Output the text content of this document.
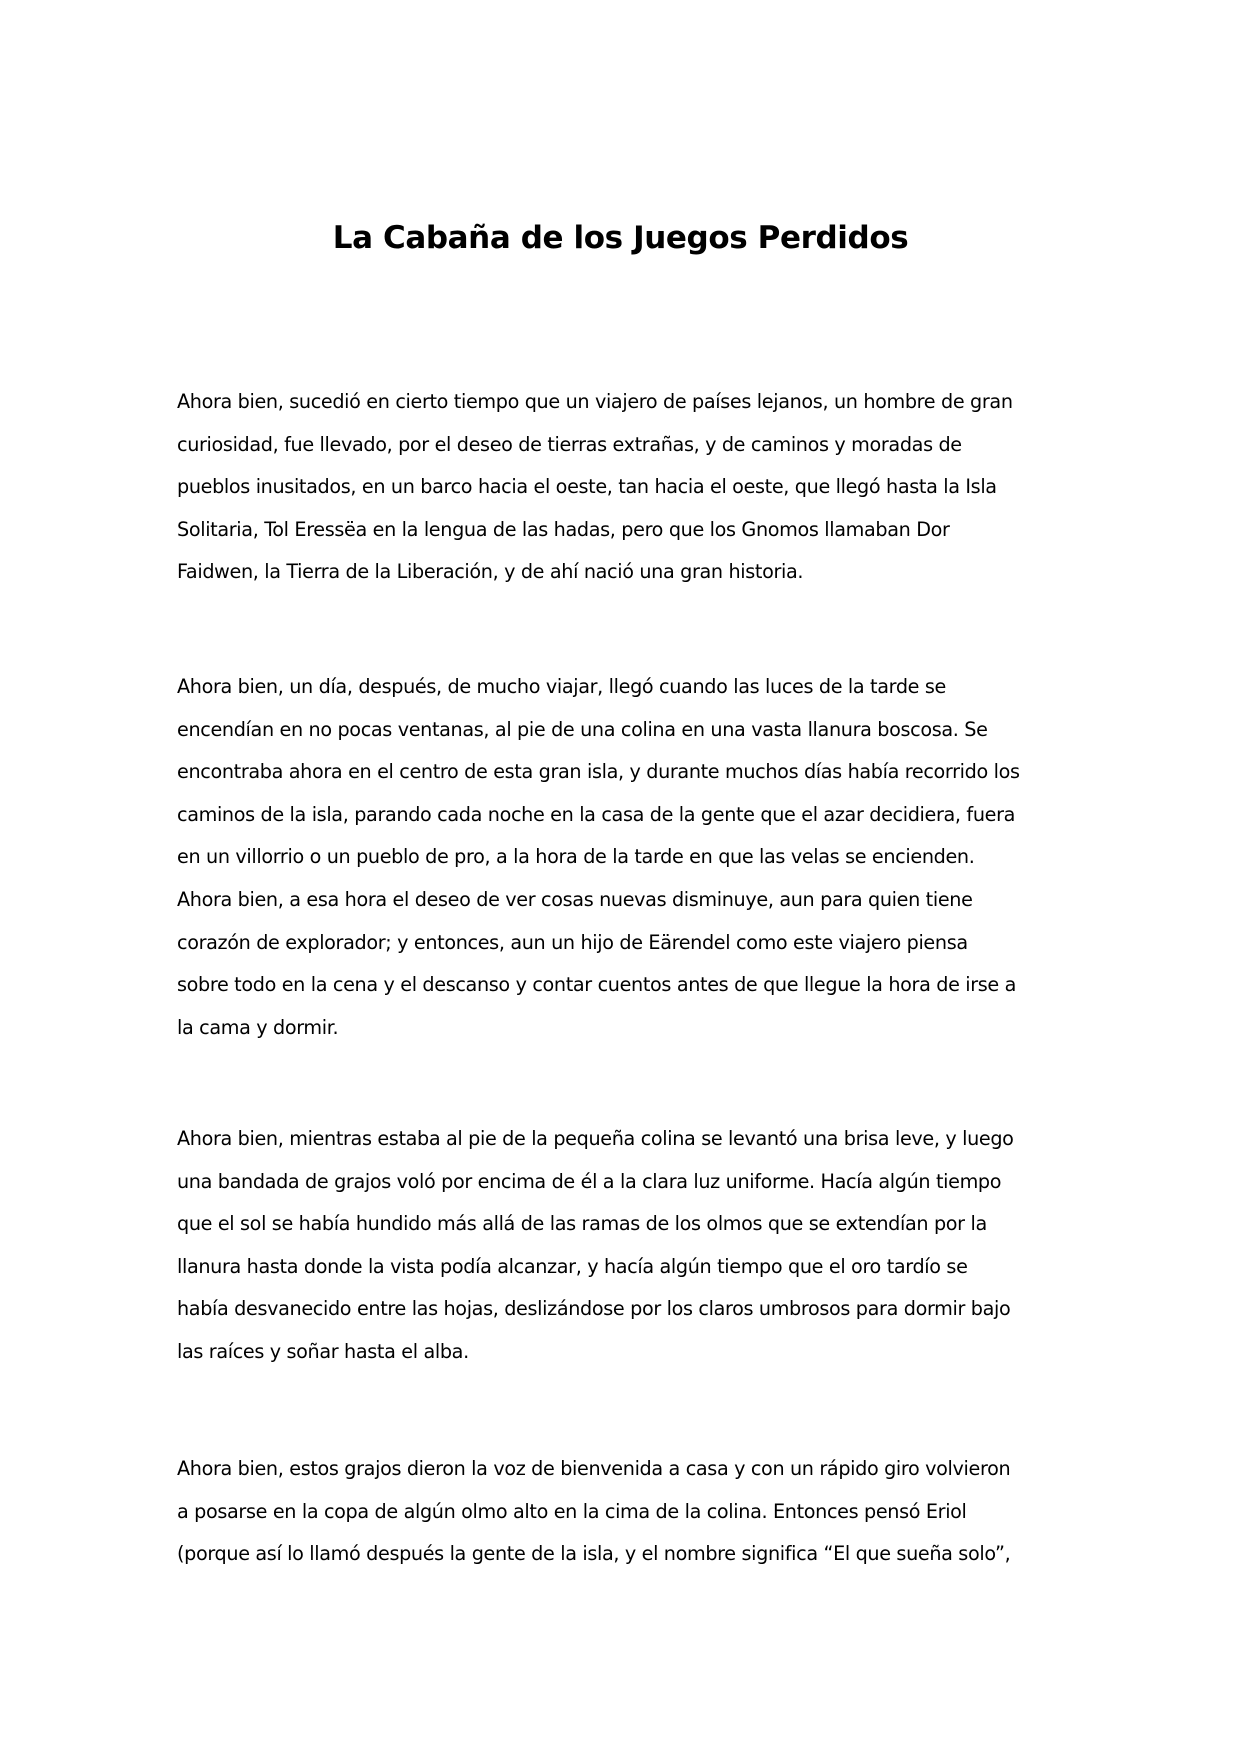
La Cabaña de los Juegos Perdidos

Ahora bien, sucedió en cierto tiempo que un viajero de países lejanos, un hombre de gran
curiosidad, fue llevado, por el deseo de tierras extrañas, y de caminos y moradas de
pueblos inusitados, en un barco hacia el oeste, tan hacia el oeste, que llegó hasta la Isla
Solitaria, Tol Eressëa en la lengua de las hadas, pero que los Gnomos llamaban Dor
Faidwen, la Tierra de la Liberación, y de ahí nació una gran historia.

Ahora bien, un día, después, de mucho viajar, llegó cuando las luces de la tarde se
encendían en no pocas ventanas, al pie de una colina en una vasta llanura boscosa. Se
encontraba ahora en el centro de esta gran isla, y durante muchos días había recorrido los
caminos de la isla, parando cada noche en la casa de la gente que el azar decidiera, fuera
en un villorrio o un pueblo de pro, a la hora de la tarde en que las velas se encienden.
Ahora bien, a esa hora el deseo de ver cosas nuevas disminuye, aun para quien tiene
corazón de explorador; y entonces, aun un hijo de Eärendel como este viajero piensa
sobre todo en la cena y el descanso y contar cuentos antes de que llegue la hora de irse a
la cama y dormir.

Ahora bien, mientras estaba al pie de la pequeña colina se levantó una brisa leve, y luego
una bandada de grajos voló por encima de él a la clara luz uniforme. Hacía algún tiempo
que el sol se había hundido más allá de las ramas de los olmos que se extendían por la
llanura hasta donde la vista podía alcanzar, y hacía algún tiempo que el oro tardío se
había desvanecido entre las hojas, deslizándose por los claros umbrosos para dormir bajo
las raíces y soñar hasta el alba.

Ahora bien, estos grajos dieron la voz de bienvenida a casa y con un rápido giro volvieron
a posarse en la copa de algún olmo alto en la cima de la colina. Entonces pensó Eriol
(porque así lo llamó después la gente de la isla, y el nombre significa “El que sueña solo”,
